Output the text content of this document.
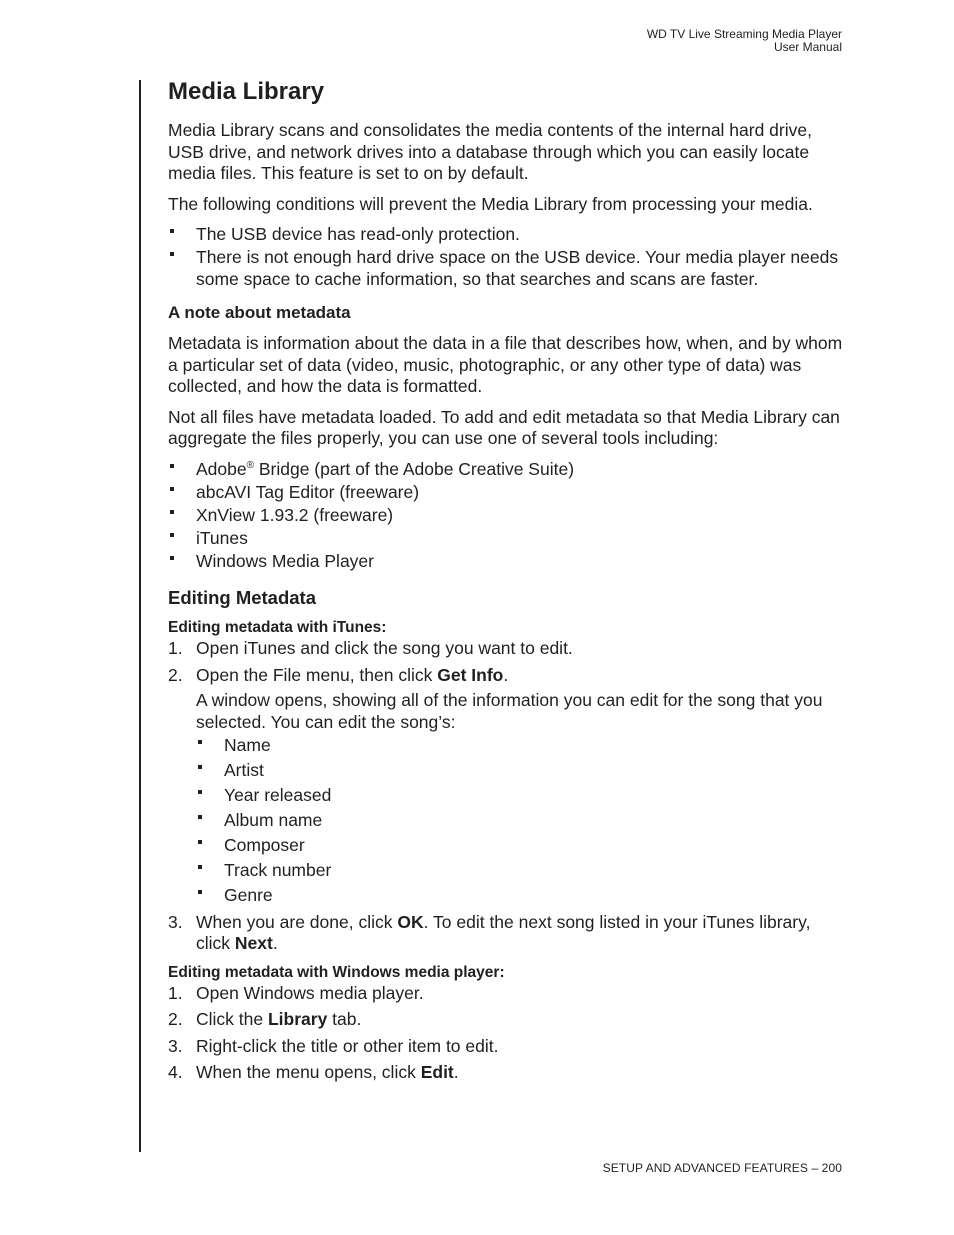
WD TV Live Streaming Media Player
User Manual
Media Library

Media Library scans and consolidates the media contents of the internal hard drive, USB drive, and network drives into a database through which you can easily locate media files. This feature is set to on by default.

The following conditions will prevent the Media Library from processing your media.

The USB device has read-only protection.
There is not enough hard drive space on the USB device. Your media player needs some space to cache information, so that searches and scans are faster.
A note about metadata

Metadata is information about the data in a file that describes how, when, and by whom a particular set of data (video, music, photographic, or any other type of data) was collected, and how the data is formatted.

Not all files have metadata loaded. To add and edit metadata so that Media Library can aggregate the files properly, you can use one of several tools including:

Adobe® Bridge (part of the Adobe Creative Suite)
abcAVI Tag Editor (freeware)
XnView 1.93.2 (freeware)
iTunes
Windows Media Player
Editing Metadata
Editing metadata with iTunes:
1. Open iTunes and click the song you want to edit.
2. Open the File menu, then click Get Info.

A window opens, showing all of the information you can edit for the song that you selected. You can edit the song’s:

Name
Artist
Year released
Album name
Composer
Track number
Genre
3. When you are done, click OK. To edit the next song listed in your iTunes library, click Next.
Editing metadata with Windows media player:
1. Open Windows media player.
2. Click the Library tab.
3. Right-click the title or other item to edit.
4. When the menu opens, click Edit.
SETUP AND ADVANCED FEATURES – 200
